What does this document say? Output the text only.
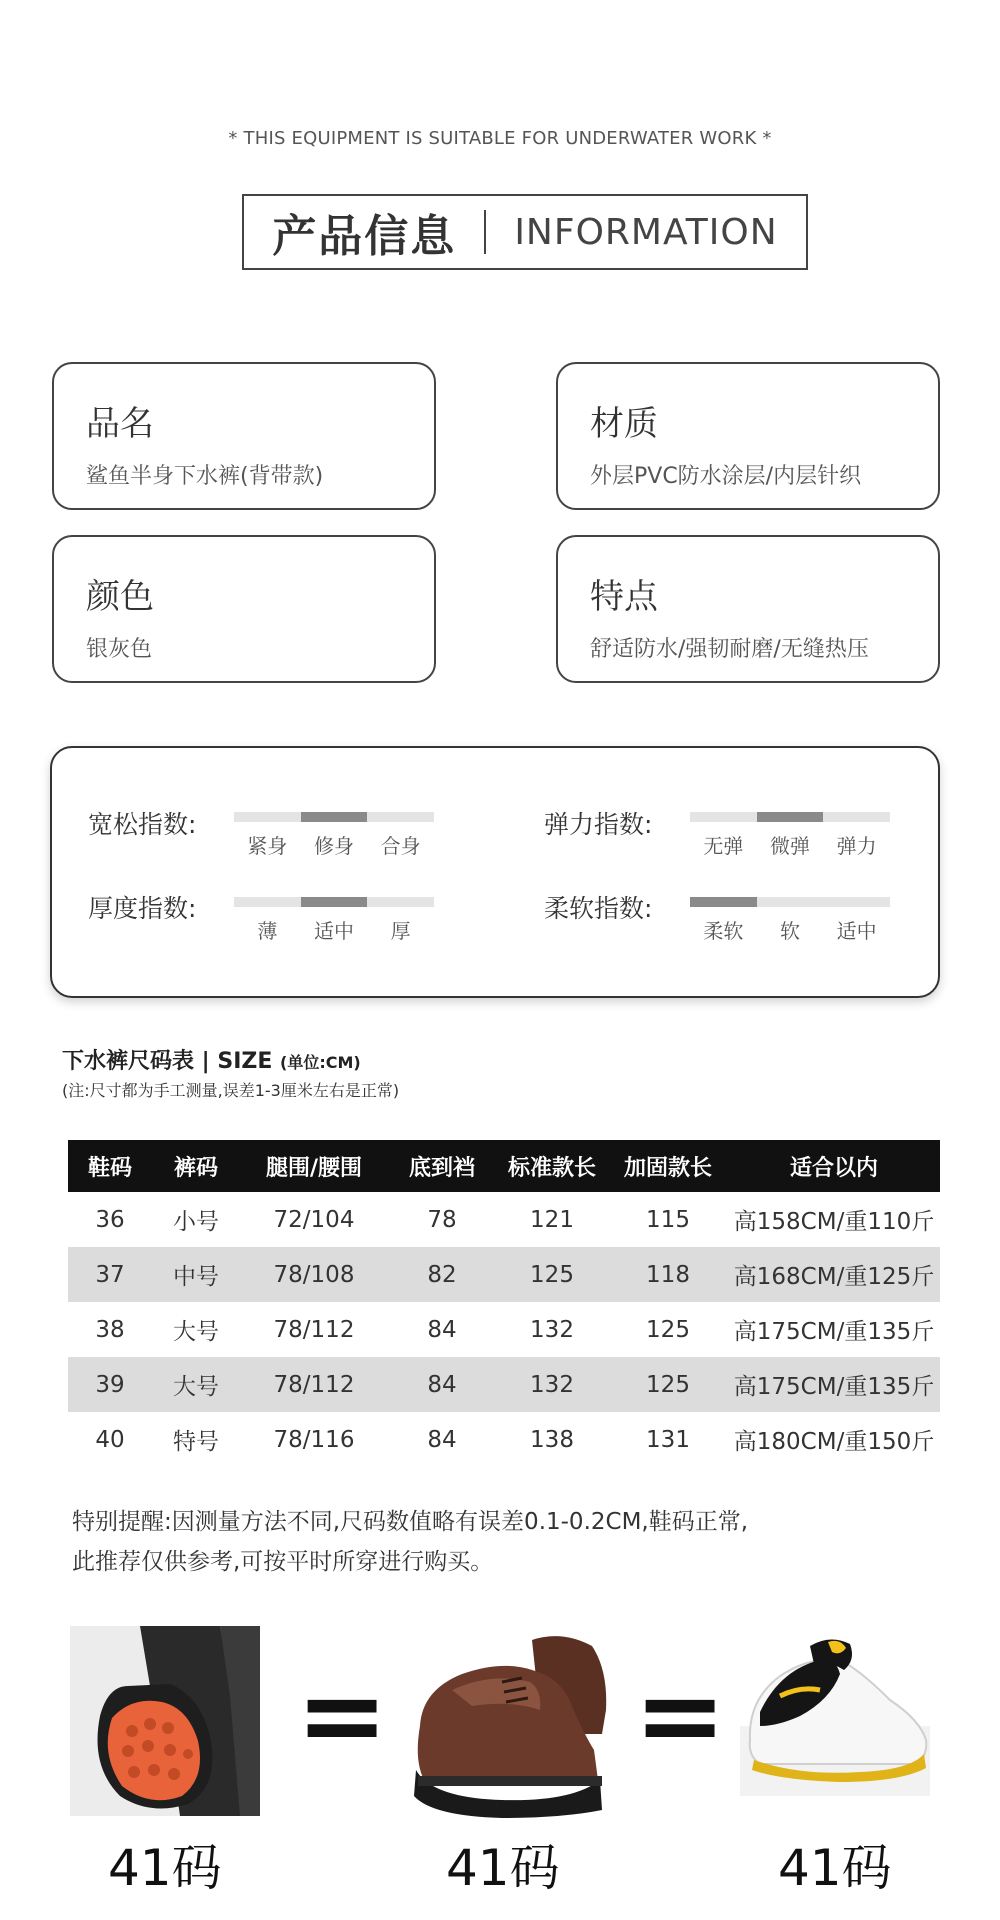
* THIS EQUIPMENT IS SUITABLE FOR UNDERWATER WORK *
产品信息 INFORMATION
品名
鲨鱼半身下水裤(背带款)
材质
外层PVC防水涂层/内层针织
颜色
银灰色
特点
舒适防水/强韧耐磨/无缝热压
宽松指数:
紧身	修身	合身
弹力指数:
无弹	微弹	弹力
厚度指数:
薄	适中	厚
柔软指数:
柔软	软	适中
下水裤尺码表 | SIZE (单位:CM)
(注:尺寸都为手工测量,误差1-3厘米左右是正常)
鞋码	裤码	腿围/腰围	底到裆	标准款长	加固款长	适合以内
36	小号	72/104	78	121	115	高158CM/重110斤
37	中号	78/108	82	125	118	高168CM/重125斤
38	大号	78/112	84	132	125	高175CM/重135斤
39	大号	78/112	84	132	125	高175CM/重135斤
40	特号	78/116	84	138	131	高180CM/重150斤
特别提醒:因测量方法不同,尺码数值略有误差0.1-0.2CM,鞋码正常,
此推荐仅供参考,可按平时所穿进行购买。
= =
41码	41码	41码
